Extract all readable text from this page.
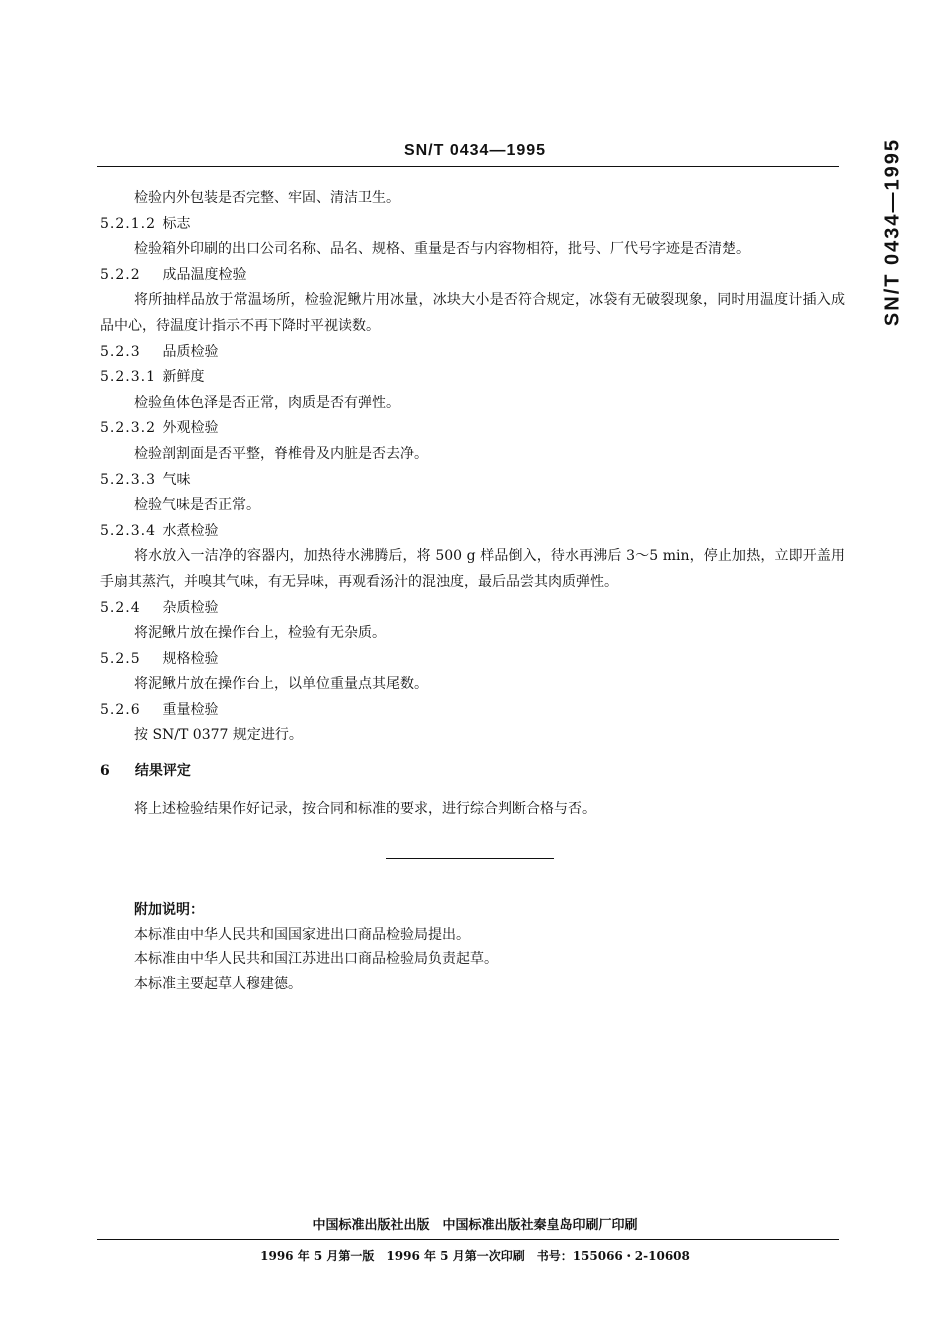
SN/T 0434—1995	SN/T 0434—1995
检验内外包装是否完整、牢固、清洁卫生。
5.2.1.2 标志
检验箱外印刷的出口公司名称、品名、规格、重量是否与内容物相符，批号、厂代号字迹是否清楚。
5.2.2 成品温度检验
将所抽样品放于常温场所，检验泥鳅片用冰量，冰块大小是否符合规定，冰袋有无破裂现象，同时用温度计插入成品中心，待温度计指示不再下降时平视读数。
5.2.3 品质检验
5.2.3.1 新鲜度
检验鱼体色泽是否正常，肉质是否有弹性。
5.2.3.2 外观检验
检验剖割面是否平整，脊椎骨及内脏是否去净。
5.2.3.3 气味
检验气味是否正常。
5.2.3.4 水煮检验
将水放入一洁净的容器内，加热待水沸腾后，将 500 g 样品倒入，待水再沸后 3～5 min，停止加热，立即开盖用手扇其蒸汽，并嗅其气味，有无异味，再观看汤汁的混浊度，最后品尝其肉质弹性。
5.2.4 杂质检验
将泥鳅片放在操作台上，检验有无杂质。
5.2.5 规格检验
将泥鳅片放在操作台上，以单位重量点其尾数。
5.2.6 重量检验
按 SN/T 0377 规定进行。
6 结果评定
将上述检验结果作好记录，按合同和标准的要求，进行综合判断合格与否。
附加说明：
本标准由中华人民共和国国家进出口商品检验局提出。
本标准由中华人民共和国江苏进出口商品检验局负责起草。
本标准主要起草人穆建德。
中国标准出版社出版　中国标准出版社秦皇岛印刷厂印刷
1996 年 5 月第一版　1996 年 5 月第一次印刷　书号：155066・2-10608
